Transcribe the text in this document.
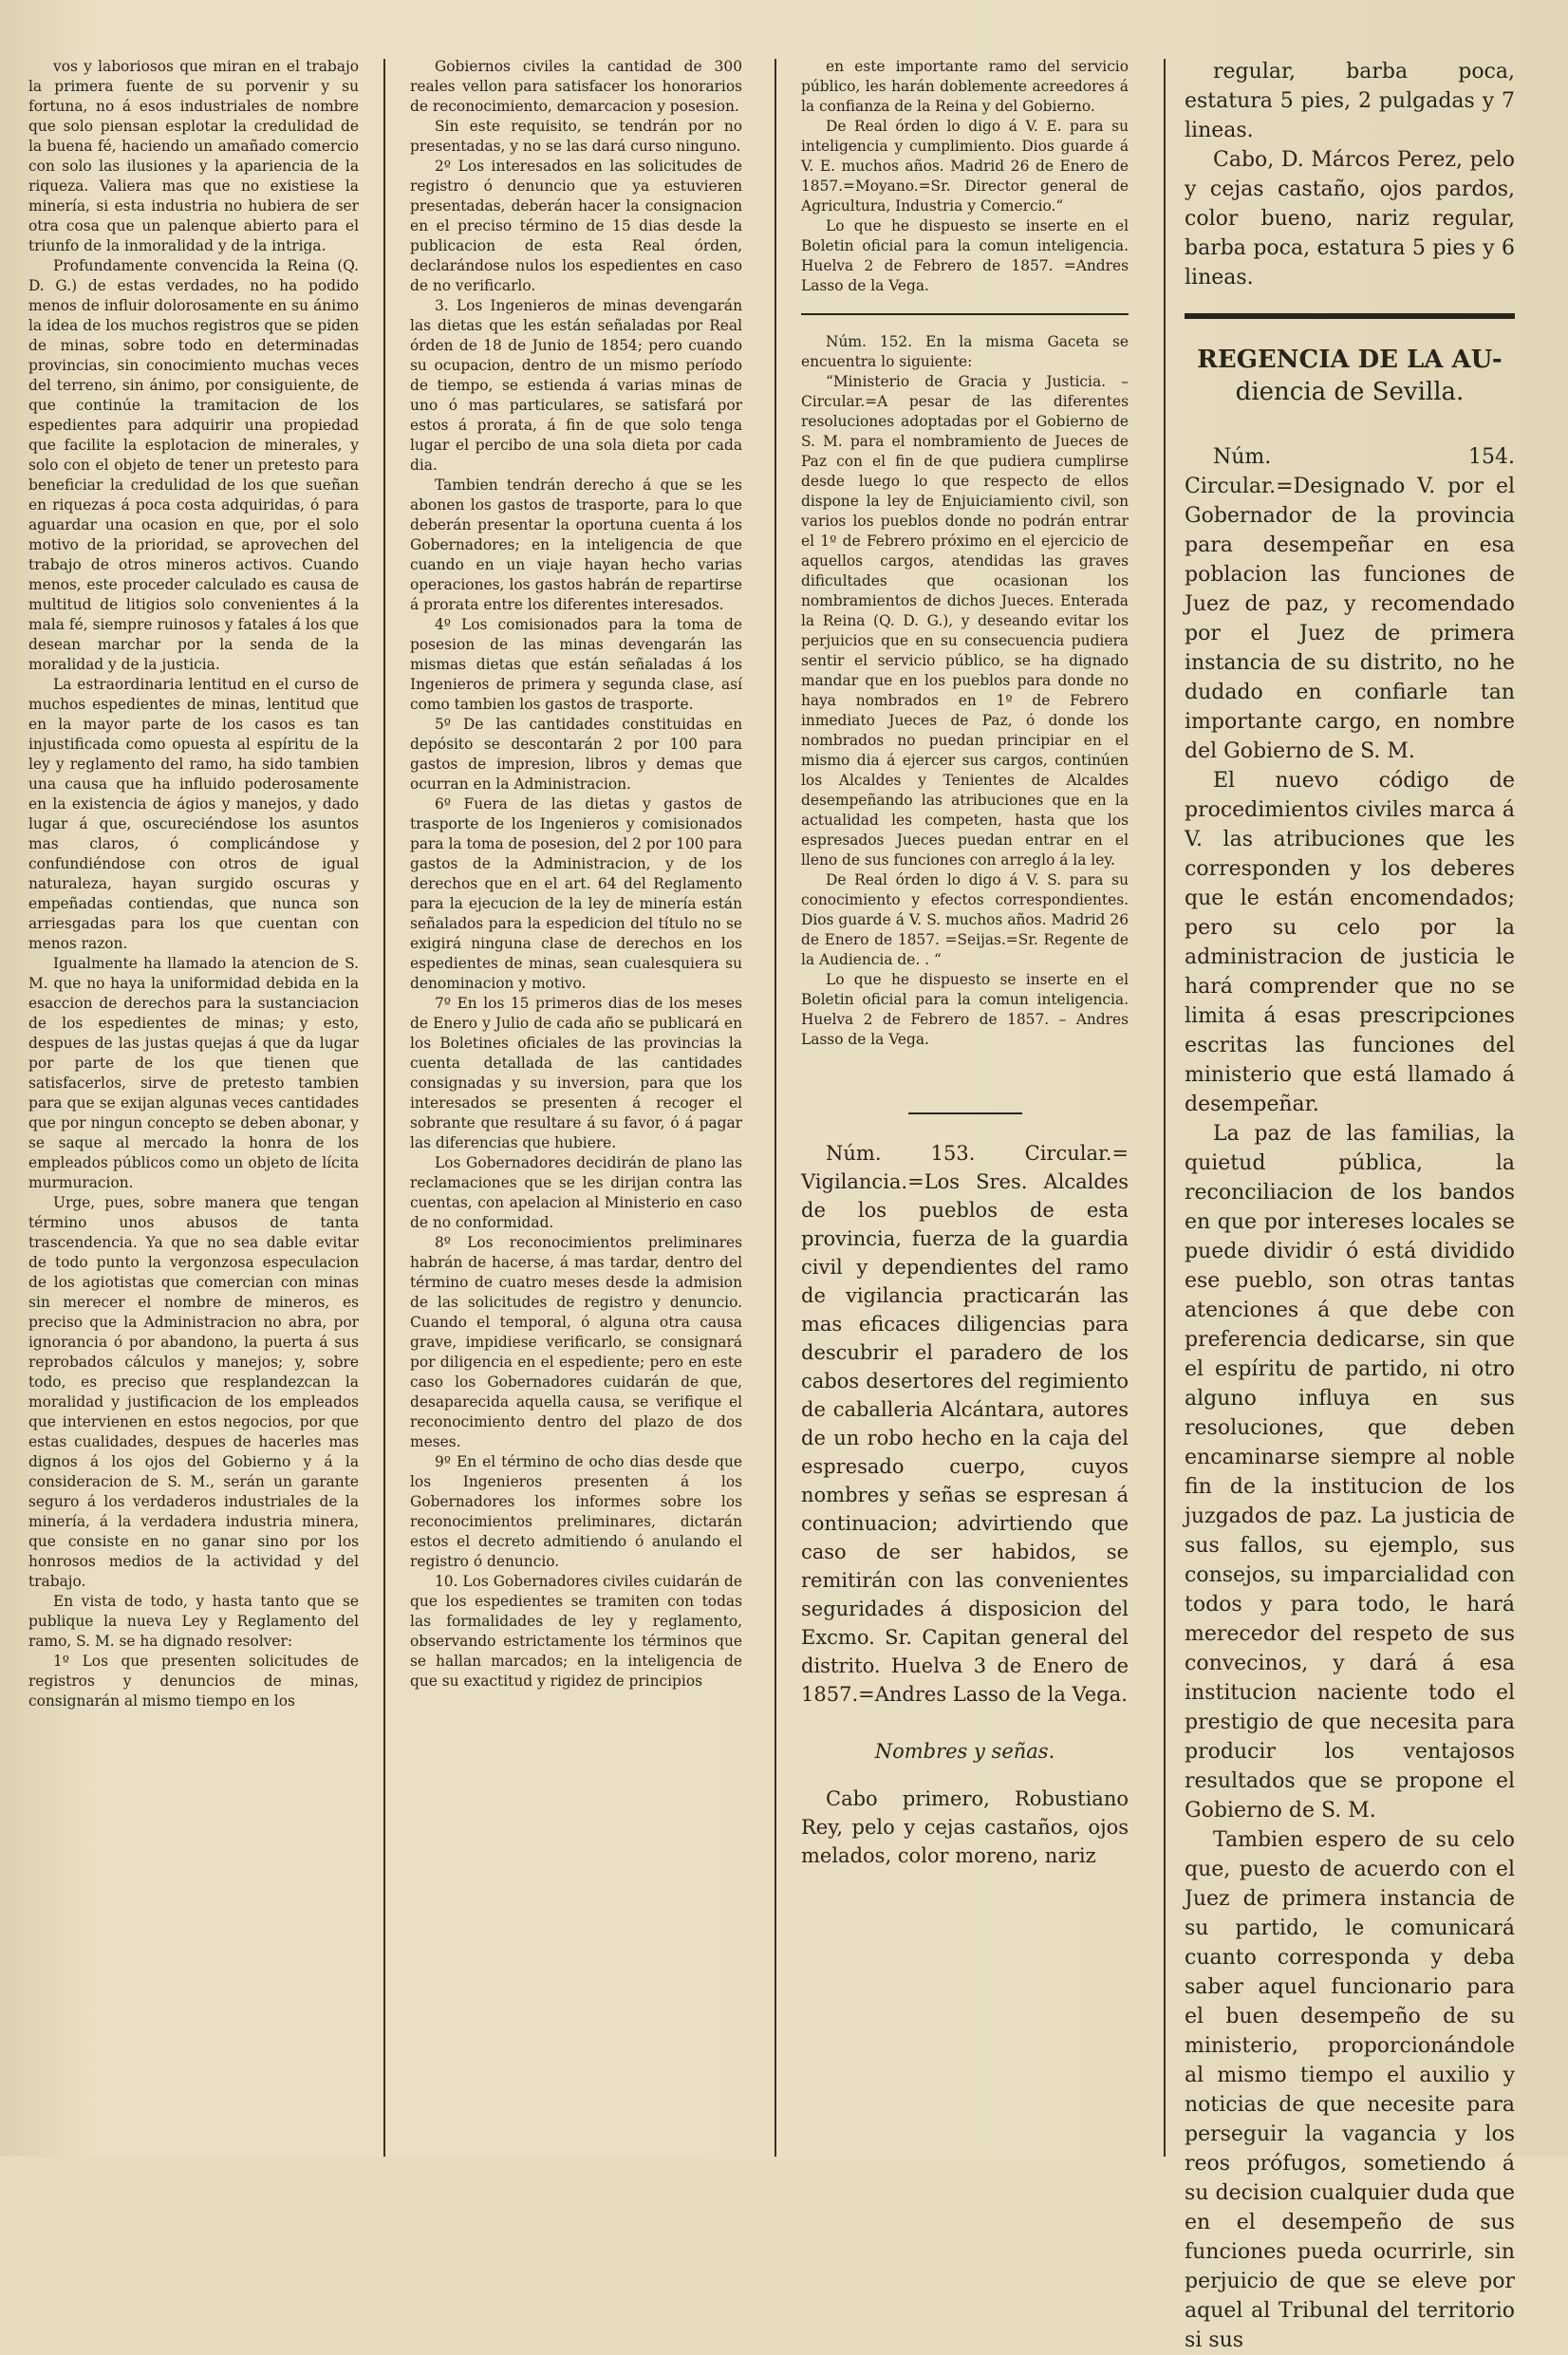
vos y laboriosos que miran en el trabajo la primera fuente de su porvenir y su fortuna, no á esos industriales de nombre que solo piensan esplotar la credulidad de la buena fé, haciendo un amañado comercio con solo las ilusiones y la apariencia de la riqueza. Valiera mas que no existiese la minería, si esta industria no hubiera de ser otra cosa que un palenque abierto para el triunfo de la inmoralidad y de la intriga.

Profundamente convencida la Reina (Q. D. G.) de estas verdades, no ha podido menos de influir dolorosamente en su ánimo la idea de los muchos registros que se piden de minas, sobre todo en determinadas provincias, sin conocimiento muchas veces del terreno, sin ánimo, por consiguiente, de que continúe la tramitacion de los espedientes para adquirir una propiedad que facilite la esplotacion de minerales, y solo con el objeto de tener un pretesto para beneficiar la credulidad de los que sueñan en riquezas á poca costa adquiridas, ó para aguardar una ocasion en que, por el solo motivo de la prioridad, se aprovechen del trabajo de otros mineros activos. Cuando menos, este proceder calculado es causa de multitud de litigios solo convenientes á la mala fé, siempre ruinosos y fatales á los que desean marchar por la senda de la moralidad y de la justicia.

La estraordinaria lentitud en el curso de muchos espedientes de minas, lentitud que en la mayor parte de los casos es tan injustificada como opuesta al espíritu de la ley y reglamento del ramo, ha sido tambien una causa que ha influido poderosamente en la existencia de ágios y manejos, y dado lugar á que, oscureciéndose los asuntos mas claros, ó complicándose y confundiéndose con otros de igual naturaleza, hayan surgido oscuras y empeñadas contiendas, que nunca son arriesgadas para los que cuentan con menos razon.

Igualmente ha llamado la atencion de S. M. que no haya la uniformidad debida en la esaccion de derechos para la sustanciacion de los espedientes de minas; y esto, despues de las justas quejas á que da lugar por parte de los que tienen que satisfacerlos, sirve de pretesto tambien para que se exijan algunas veces cantidades que por ningun concepto se deben abonar, y se saque al mercado la honra de los empleados públicos como un objeto de lícita murmuracion.

Urge, pues, sobre manera que tengan término unos abusos de tanta trascendencia. Ya que no sea dable evitar de todo punto la vergonzosa especulacion de los agiotistas que comercian con minas sin merecer el nombre de mineros, es preciso que la Administracion no abra, por ignorancia ó por abandono, la puerta á sus reprobados cálculos y manejos; y, sobre todo, es preciso que resplandezcan la moralidad y justificacion de los empleados que intervienen en estos negocios, por que estas cualidades, despues de hacerles mas dignos á los ojos del Gobierno y á la consideracion de S. M., serán un garante seguro á los verdaderos industriales de la minería, á la verdadera industria minera, que consiste en no ganar sino por los honrosos medios de la actividad y del trabajo.

En vista de todo, y hasta tanto que se publique la nueva Ley y Reglamento del ramo, S. M. se ha dignado resolver:

1º Los que presenten solicitudes de registros y denuncios de minas, consignarán al mismo tiempo en los

Gobiernos civiles la cantidad de 300 reales vellon para satisfacer los honorarios de reconocimiento, demarcacion y posesion.

Sin este requisito, se tendrán por no presentadas, y no se las dará curso ninguno.

2º Los interesados en las solicitudes de registro ó denuncio que ya estuvieren presentadas, deberán hacer la consignacion en el preciso término de 15 dias desde la publicacion de esta Real órden, declarándose nulos los espedientes en caso de no verificarlo.

3. Los Ingenieros de minas devengarán las dietas que les están señaladas por Real órden de 18 de Junio de 1854; pero cuando su ocupacion, dentro de un mismo período de tiempo, se estienda á varias minas de uno ó mas particulares, se satisfará por estos á prorata, á fin de que solo tenga lugar el percibo de una sola dieta por cada dia.

Tambien tendrán derecho á que se les abonen los gastos de trasporte, para lo que deberán presentar la oportuna cuenta á los Gobernadores; en la inteligencia de que cuando en un viaje hayan hecho varias operaciones, los gastos habrán de repartirse á prorata entre los diferentes interesados.

4º Los comisionados para la toma de posesion de las minas devengarán las mismas dietas que están señaladas á los Ingenieros de primera y segunda clase, así como tambien los gastos de trasporte.

5º De las cantidades constituidas en depósito se descontarán 2 por 100 para gastos de impresion, libros y demas que ocurran en la Administracion.

6º Fuera de las dietas y gastos de trasporte de los Ingenieros y comisionados para la toma de posesion, del 2 por 100 para gastos de la Administracion, y de los derechos que en el art. 64 del Reglamento para la ejecucion de la ley de minería están señalados para la espedicion del título no se exigirá ninguna clase de derechos en los espedientes de minas, sean cualesquiera su denominacion y motivo.

7º En los 15 primeros dias de los meses de Enero y Julio de cada año se publicará en los Boletines oficiales de las provincias la cuenta detallada de las cantidades consignadas y su inversion, para que los interesados se presenten á recoger el sobrante que resultare á su favor, ó á pagar las diferencias que hubiere.

Los Gobernadores decidirán de plano las reclamaciones que se les dirijan contra las cuentas, con apelacion al Ministerio en caso de no conformidad.

8º Los reconocimientos preliminares habrán de hacerse, á mas tardar, dentro del término de cuatro meses desde la admision de las solicitudes de registro y denuncio. Cuando el temporal, ó alguna otra causa grave, impidiese verificarlo, se consignará por diligencia en el espediente; pero en este caso los Gobernadores cuidarán de que, desaparecida aquella causa, se verifique el reconocimiento dentro del plazo de dos meses.

9º En el término de ocho dias desde que los Ingenieros presenten á los Gobernadores los informes sobre los reconocimientos preliminares, dictarán estos el decreto admitiendo ó anulando el registro ó denuncio.

10. Los Gobernadores civiles cuidarán de que los espedientes se tramiten con todas las formalidades de ley y reglamento, observando estrictamente los términos que se hallan marcados; en la inteligencia de que su exactitud y rigidez de principios

en este importante ramo del servicio público, les harán doblemente acreedores á la confianza de la Reina y del Gobierno.

De Real órden lo digo á V. E. para su inteligencia y cumplimiento. Dios guarde á V. E. muchos años. Madrid 26 de Enero de 1857.=Moyano.=Sr. Director general de Agricultura, Industria y Comercio.“

Lo que he dispuesto se inserte en el Boletin oficial para la comun inteligencia. Huelva 2 de Febrero de 1857. =Andres Lasso de la Vega.

Núm. 152. En la misma Gaceta se encuentra lo siguiente:

“Ministerio de Gracia y Justicia. –Circular.=A pesar de las diferentes resoluciones adoptadas por el Gobierno de S. M. para el nombramiento de Jueces de Paz con el fin de que pudiera cumplirse desde luego lo que respecto de ellos dispone la ley de Enjuiciamiento civil, son varios los pueblos donde no podrán entrar el 1º de Febrero próximo en el ejercicio de aquellos cargos, atendidas las graves dificultades que ocasionan los nombramientos de dichos Jueces. Enterada la Reina (Q. D. G.), y deseando evitar los perjuicios que en su consecuencia pudiera sentir el servicio público, se ha dignado mandar que en los pueblos para donde no haya nombrados en 1º de Febrero inmediato Jueces de Paz, ó donde los nombrados no puedan principiar en el mismo dia á ejercer sus cargos, continúen los Alcaldes y Tenientes de Alcaldes desempeñando las atribuciones que en la actualidad les competen, hasta que los espresados Jueces puedan entrar en el lleno de sus funciones con arreglo á la ley.

De Real órden lo digo á V. S. para su conocimiento y efectos correspondientes. Dios guarde á V. S. muchos años. Madrid 26 de Enero de 1857. =Seijas.=Sr. Regente de la Audiencia de. . “

Lo que he dispuesto se inserte en el Boletin oficial para la comun inteligencia. Huelva 2 de Febrero de 1857. – Andres Lasso de la Vega.

Núm. 153. Circular.= Vigilancia.=Los Sres. Alcaldes de los pueblos de esta provincia, fuerza de la guardia civil y dependientes del ramo de vigilancia practicarán las mas eficaces diligencias para descubrir el paradero de los cabos desertores del regimiento de caballeria Alcántara, autores de un robo hecho en la caja del espresado cuerpo, cuyos nombres y señas se espresan á continuacion; advirtiendo que caso de ser habidos, se remitirán con las convenientes seguridades á disposicion del Excmo. Sr. Capitan general del distrito. Huelva 3 de Enero de 1857.=Andres Lasso de la Vega.

Nombres y señas.

Cabo primero, Robustiano Rey, pelo y cejas castaños, ojos melados, color moreno, nariz

regular, barba poca, estatura 5 pies, 2 pulgadas y 7 lineas.

Cabo, D. Márcos Perez, pelo y cejas castaño, ojos pardos, color bueno, nariz regular, barba poca, estatura 5 pies y 6 lineas.

REGENCIA DE LA AU-
diencia de Sevilla.

Núm. 154. Circular.=Designado V. por el Gobernador de la provincia para desempeñar en esa poblacion las funciones de Juez de paz, y recomendado por el Juez de primera instancia de su distrito, no he dudado en confiarle tan importante cargo, en nombre del Gobierno de S. M.

El nuevo código de procedimientos civiles marca á V. las atribuciones que les corresponden y los deberes que le están encomendados; pero su celo por la administracion de justicia le hará comprender que no se limita á esas prescripciones escritas las funciones del ministerio que está llamado á desempeñar.

La paz de las familias, la quietud pública, la reconciliacion de los bandos en que por intereses locales se puede dividir ó está dividido ese pueblo, son otras tantas atenciones á que debe con preferencia dedicarse, sin que el espíritu de partido, ni otro alguno influya en sus resoluciones, que deben encaminarse siempre al noble fin de la institucion de los juzgados de paz. La justicia de sus fallos, su ejemplo, sus consejos, su imparcialidad con todos y para todo, le hará merecedor del respeto de sus convecinos, y dará á esa institucion naciente todo el prestigio de que necesita para producir los ventajosos resultados que se propone el Gobierno de S. M.

Tambien espero de su celo que, puesto de acuerdo con el Juez de primera instancia de su partido, le comunicará cuanto corresponda y deba saber aquel funcionario para el buen desempeño de su ministerio, proporcionándole al mismo tiempo el auxilio y noticias de que necesite para perseguir la vagancia y los reos prófugos, sometiendo á su decision cualquier duda que en el desempeño de sus funciones pueda ocurrirle, sin perjuicio de que se eleve por aquel al Tribunal del territorio si sus
